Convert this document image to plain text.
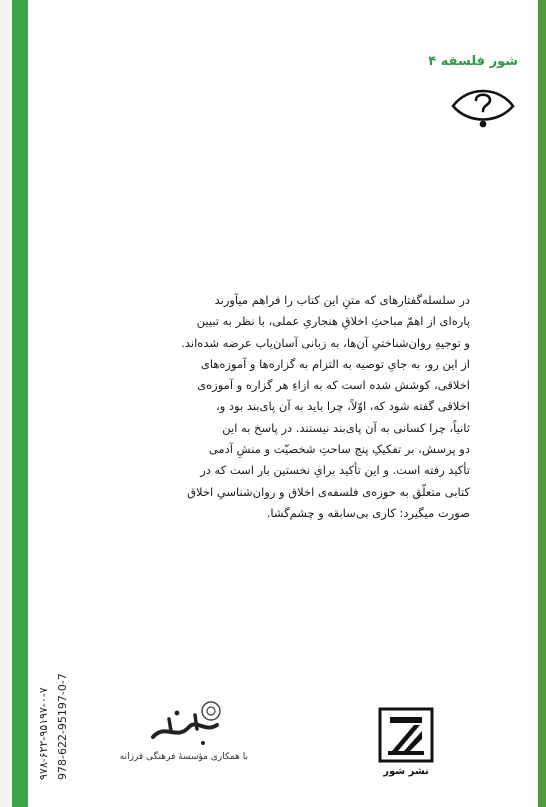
شور فلسفه ۴
در سلسله‌گفتارهای که متنِ این کتاب را فراهم میآورند
پاره‌ای از اهمّ مباحثِ اخلاقِ هنجاریِ عملی، با نظر به تبیین
و توجیهِ روان‌شناختیِ آن‌ها، به زبانی آسان‌یاب عرضه شده‌اند.
از این رو، به جایِ توصیه به التزام به گزاره‌ها و آموزه‌های
اخلاقی، کوشش شده است که به ازاءِ هر گزاره و آموزه‌ی
اخلاقی گفته شود که، اوّلاً، چرا باید به آن پای‌بند بود و،
ثانیاً، چرا کسانی به آن پای‌بند نیستند. در پاسخ به این
دو پرسش، بر تفکیکِ پنج ساحتِ شخصیّت و منشِ آدمی
تأکید رفته است. و این تأکید برایِ نخستین بار است که در
کتابی متعلّق به حوزه‌ی فلسفه‌ی اخلاق و روان‌شناسیِ اخلاق
صورت میگیرد: کاری بی‌سابقه و چشم‌گشا.
۹۷۸-۶۲۲-۹۵۱۹۷-۰-۷ 978-622-95197-0-7	با همکاری مؤسسهٔ فرهنگی فرزانه
نشر شور
